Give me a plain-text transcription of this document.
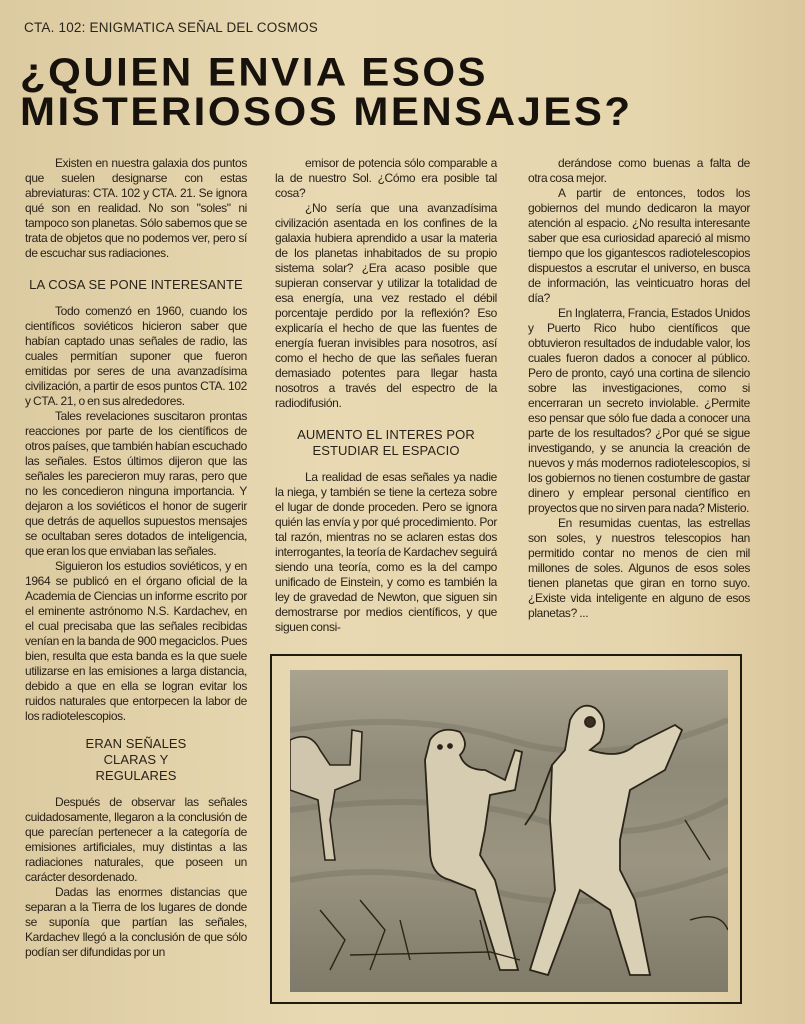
CTA. 102: ENIGMATICA SEÑAL DEL COSMOS
¿QUIEN ENVIA ESOS
MISTERIOSOS MENSAJES?

Existen en nuestra galaxia dos puntos que suelen designarse con estas abreviaturas: CTA. 102 y CTA. 21. Se ignora qué son en realidad. No son "soles" ni tampoco son planetas. Sólo sabemos que se trata de objetos que no podemos ver, pero sí de escuchar sus radiaciones.

LA COSA SE PONE INTERESANTE

Todo comenzó en 1960, cuando los científicos soviéticos hicieron saber que habían captado unas señales de radio, las cuales permitían suponer que fueron emitidas por seres de una avanzadísima civilización, a partir de esos puntos CTA. 102 y CTA. 21, o en sus alrededores.

Tales revelaciones suscitaron prontas reacciones por parte de los científicos de otros países, que también habían escuchado las señales. Estos últimos dijeron que las señales les parecieron muy raras, pero que no les concedieron ninguna importancia. Y dejaron a los soviéticos el honor de sugerir que detrás de aquellos supuestos mensajes se ocultaban seres dotados de inteligencia, que eran los que enviaban las señales.

Siguieron los estudios soviéticos, y en 1964 se publicó en el órgano oficial de la Academia de Ciencias un informe escrito por el eminente astrónomo N.S. Kardachev, en el cual precisaba que las señales recibidas venían en la banda de 900 megaciclos. Pues bien, resulta que esta banda es la que suele utilizarse en las emisiones a larga distancia, debido a que en ella se logran evitar los ruidos naturales que entorpecen la labor de los radiotelescopios.

ERAN SEÑALES CLARAS Y REGULARES

Después de observar las señales cuidadosamente, llegaron a la conclusión de que parecían pertenecer a la categoría de emisiones artificiales, muy distintas a las radiaciones naturales, que poseen un carácter desordenado.

Dadas las enormes distancias que separan a la Tierra de los lugares de donde se suponía que partían las señales, Kardachev llegó a la conclusión de que sólo podían ser difundidas por un

emisor de potencia sólo comparable a la de nuestro Sol. ¿Cómo era posible tal cosa?

¿No sería que una avanzadísima civilización asentada en los confines de la galaxia hubiera aprendido a usar la materia de los planetas inhabitados de su propio sistema solar? ¿Era acaso posible que supieran conservar y utilizar la totalidad de esa energía, una vez restado el débil porcentaje perdido por la reflexión? Eso explicaría el hecho de que las fuentes de energía fueran invisibles para nosotros, así como el hecho de que las señales fueran demasiado potentes para llegar hasta nosotros a través del espectro de la radiodifusión.

AUMENTO EL INTERES POR ESTUDIAR EL ESPACIO

La realidad de esas señales ya nadie la niega, y también se tiene la certeza sobre el lugar de donde proceden. Pero se ignora quién las envía y por qué procedimiento. Por tal razón, mientras no se aclaren estas dos interrogantes, la teoría de Kardachev seguirá siendo una teoría, como es la del campo unificado de Einstein, y como es también la ley de gravedad de Newton, que siguen sin demostrarse por medios científicos, y que siguen consi-

derándose como buenas a falta de otra cosa mejor.

A partir de entonces, todos los gobiernos del mundo dedicaron la mayor atención al espacio. ¿No resulta interesante saber que esa curiosidad apareció al mismo tiempo que los gigantescos radiotelescopios dispuestos a escrutar el universo, en busca de información, las veinticuatro horas del día?

En Inglaterra, Francia, Estados Unidos y Puerto Rico hubo científicos que obtuvieron resultados de indudable valor, los cuales fueron dados a conocer al público. Pero de pronto, cayó una cortina de silencio sobre las investigaciones, como si encerraran un secreto inviolable. ¿Permite eso pensar que sólo fue dada a conocer una parte de los resultados? ¿Por qué se sigue investigando, y se anuncia la creación de nuevos y más modernos radiotelescopios, si los gobiernos no tienen costumbre de gastar dinero y emplear personal científico en proyectos que no sirven para nada? Misterio.

En resumidas cuentas, las estrellas son soles, y nuestros telescopios han permitido contar no menos de cien mil millones de soles. Algunos de esos soles tienen planetas que giran en torno suyo. ¿Existe vida inteligente en alguno de esos planetas? ...
